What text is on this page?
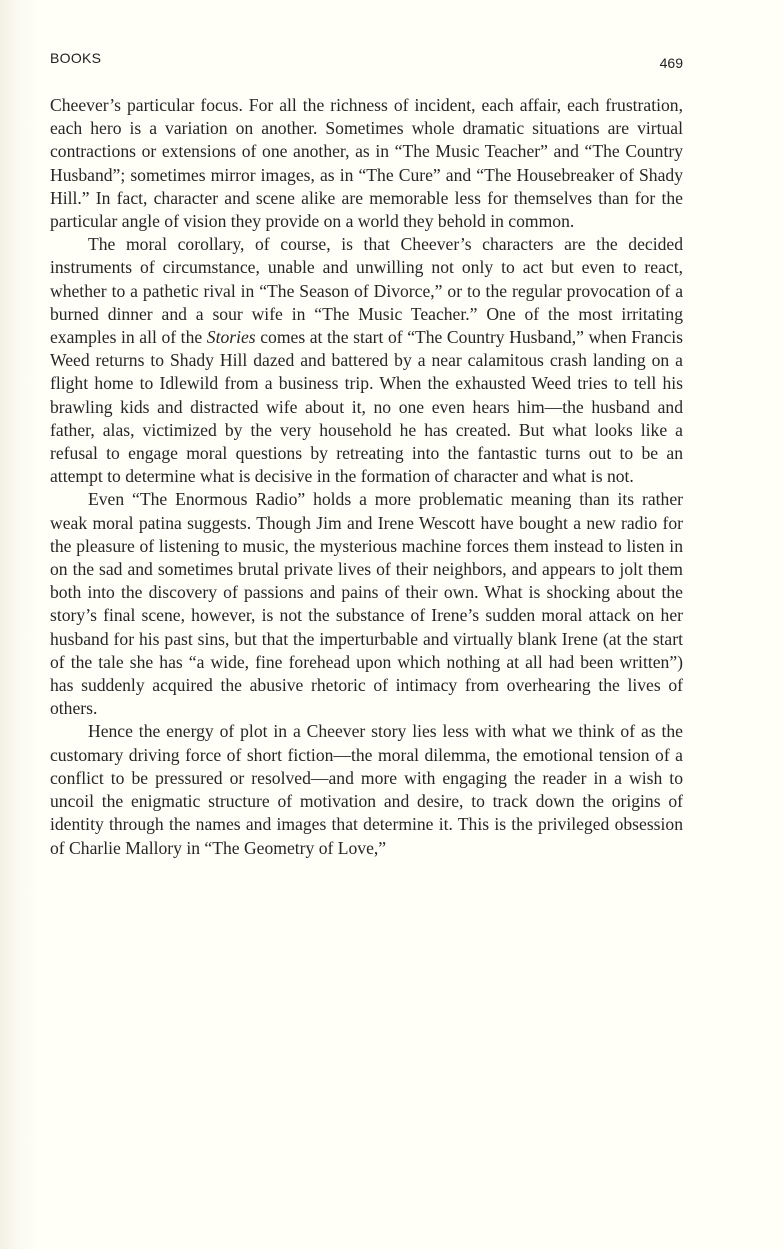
BOOKS	469

Cheever’s particular focus. For all the richness of incident, each affair, each frustration, each hero is a variation on another. Sometimes whole dramatic situations are virtual contractions or extensions of one another, as in “The Music Teacher” and “The Country Husband”; sometimes mirror images, as in “The Cure” and “The Housebreaker of Shady Hill.” In fact, character and scene alike are memorable less for themselves than for the particular angle of vision they provide on a world they behold in common.

The moral corollary, of course, is that Cheever’s characters are the decided instruments of circumstance, unable and unwilling not only to act but even to react, whether to a pathetic rival in “The Season of Divorce,” or to the regular provocation of a burned dinner and a sour wife in “The Music Teacher.” One of the most irritating examples in all of the Stories comes at the start of “The Country Husband,” when Francis Weed returns to Shady Hill dazed and battered by a near calamitous crash landing on a flight home to Idlewild from a business trip. When the exhausted Weed tries to tell his brawling kids and distracted wife about it, no one even hears him—the husband and father, alas, victimized by the very household he has created. But what looks like a refusal to engage moral questions by retreating into the fantastic turns out to be an attempt to determine what is decisive in the formation of character and what is not.

Even “The Enormous Radio” holds a more problematic meaning than its rather weak moral patina suggests. Though Jim and Irene Wescott have bought a new radio for the pleasure of listening to music, the mysterious machine forces them instead to listen in on the sad and sometimes brutal private lives of their neighbors, and appears to jolt them both into the discovery of passions and pains of their own. What is shocking about the story’s final scene, however, is not the substance of Irene’s sudden moral attack on her husband for his past sins, but that the imperturbable and virtually blank Irene (at the start of the tale she has “a wide, fine forehead upon which nothing at all had been written”) has suddenly acquired the abusive rhetoric of intimacy from overhearing the lives of others.

Hence the energy of plot in a Cheever story lies less with what we think of as the customary driving force of short fiction—the moral dilemma, the emotional tension of a conflict to be pressured or resolved—and more with engaging the reader in a wish to uncoil the enigmatic structure of motivation and desire, to track down the origins of identity through the names and images that determine it. This is the privileged obsession of Charlie Mallory in “The Geometry of Love,”
